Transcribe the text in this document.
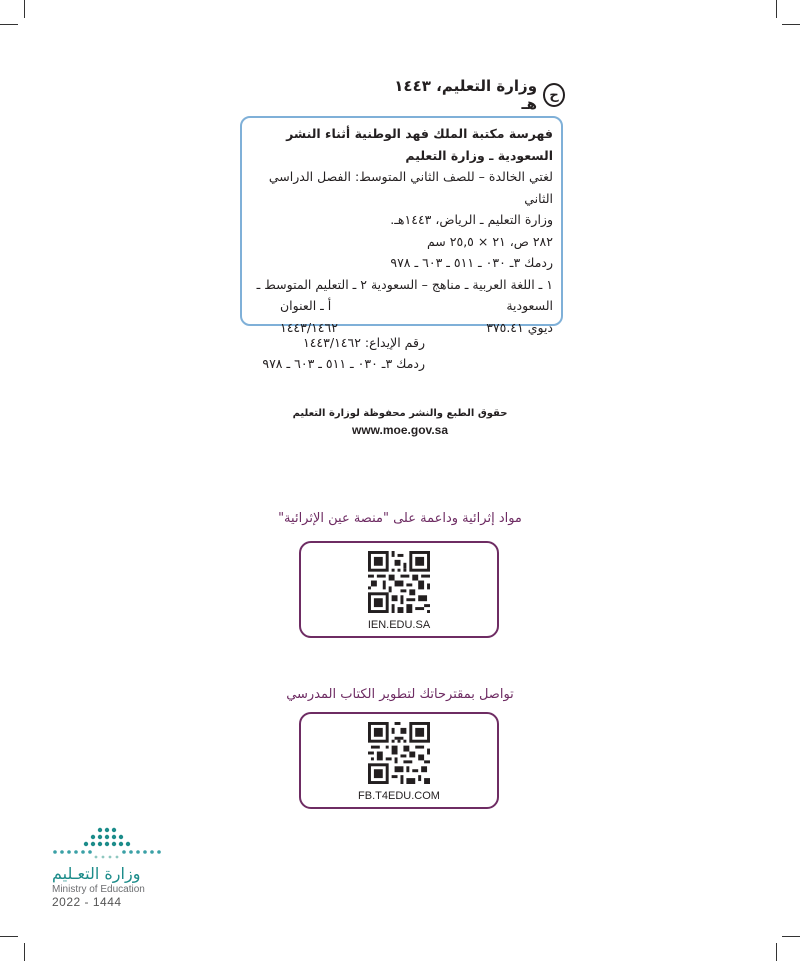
ح
وزارة التعليم، ١٤٤٣ هـ
فهرسة مكتبة الملك فهد الوطنية أثناء النشر
السعودية ـ وزارة التعليم
لغتي الخالدة – للصف الثاني المتوسط: الفصل الدراسي الثاني
وزارة التعليم ـ الرياض، ١٤٤٣هـ.
٢٨٢ ص، ٢١ × ٢٥,٥ سم
ردمك ٣ـ ٠٣٠ ـ ٥١١ ـ ٦٠٣ ـ ٩٧٨
١ ـ اللغة العربية ـ مناهج – السعودية ٢ ـ التعليم المتوسط ـ
السعودية
أ ـ العنوان
ديوي ٣٧٥.٤١
١٤٤٣/١٤٦٢
رقم الإيداع: ١٤٤٣/١٤٦٢
ردمك ٣ـ ٠٣٠ ـ ٥١١ ـ ٦٠٣ ـ ٩٧٨
حقوق الطبع والنشر محفوظة لوزارة التعليم
www.moe.gov.sa
مواد إثرائية وداعمة على "منصة عين الإثرائية"
IEN.EDU.SA
تواصل بمقترحاتك لتطوير الكتاب المدرسي
FB.T4EDU.COM
وزارة التعـليم
Ministry of Education
2022 - 1444
